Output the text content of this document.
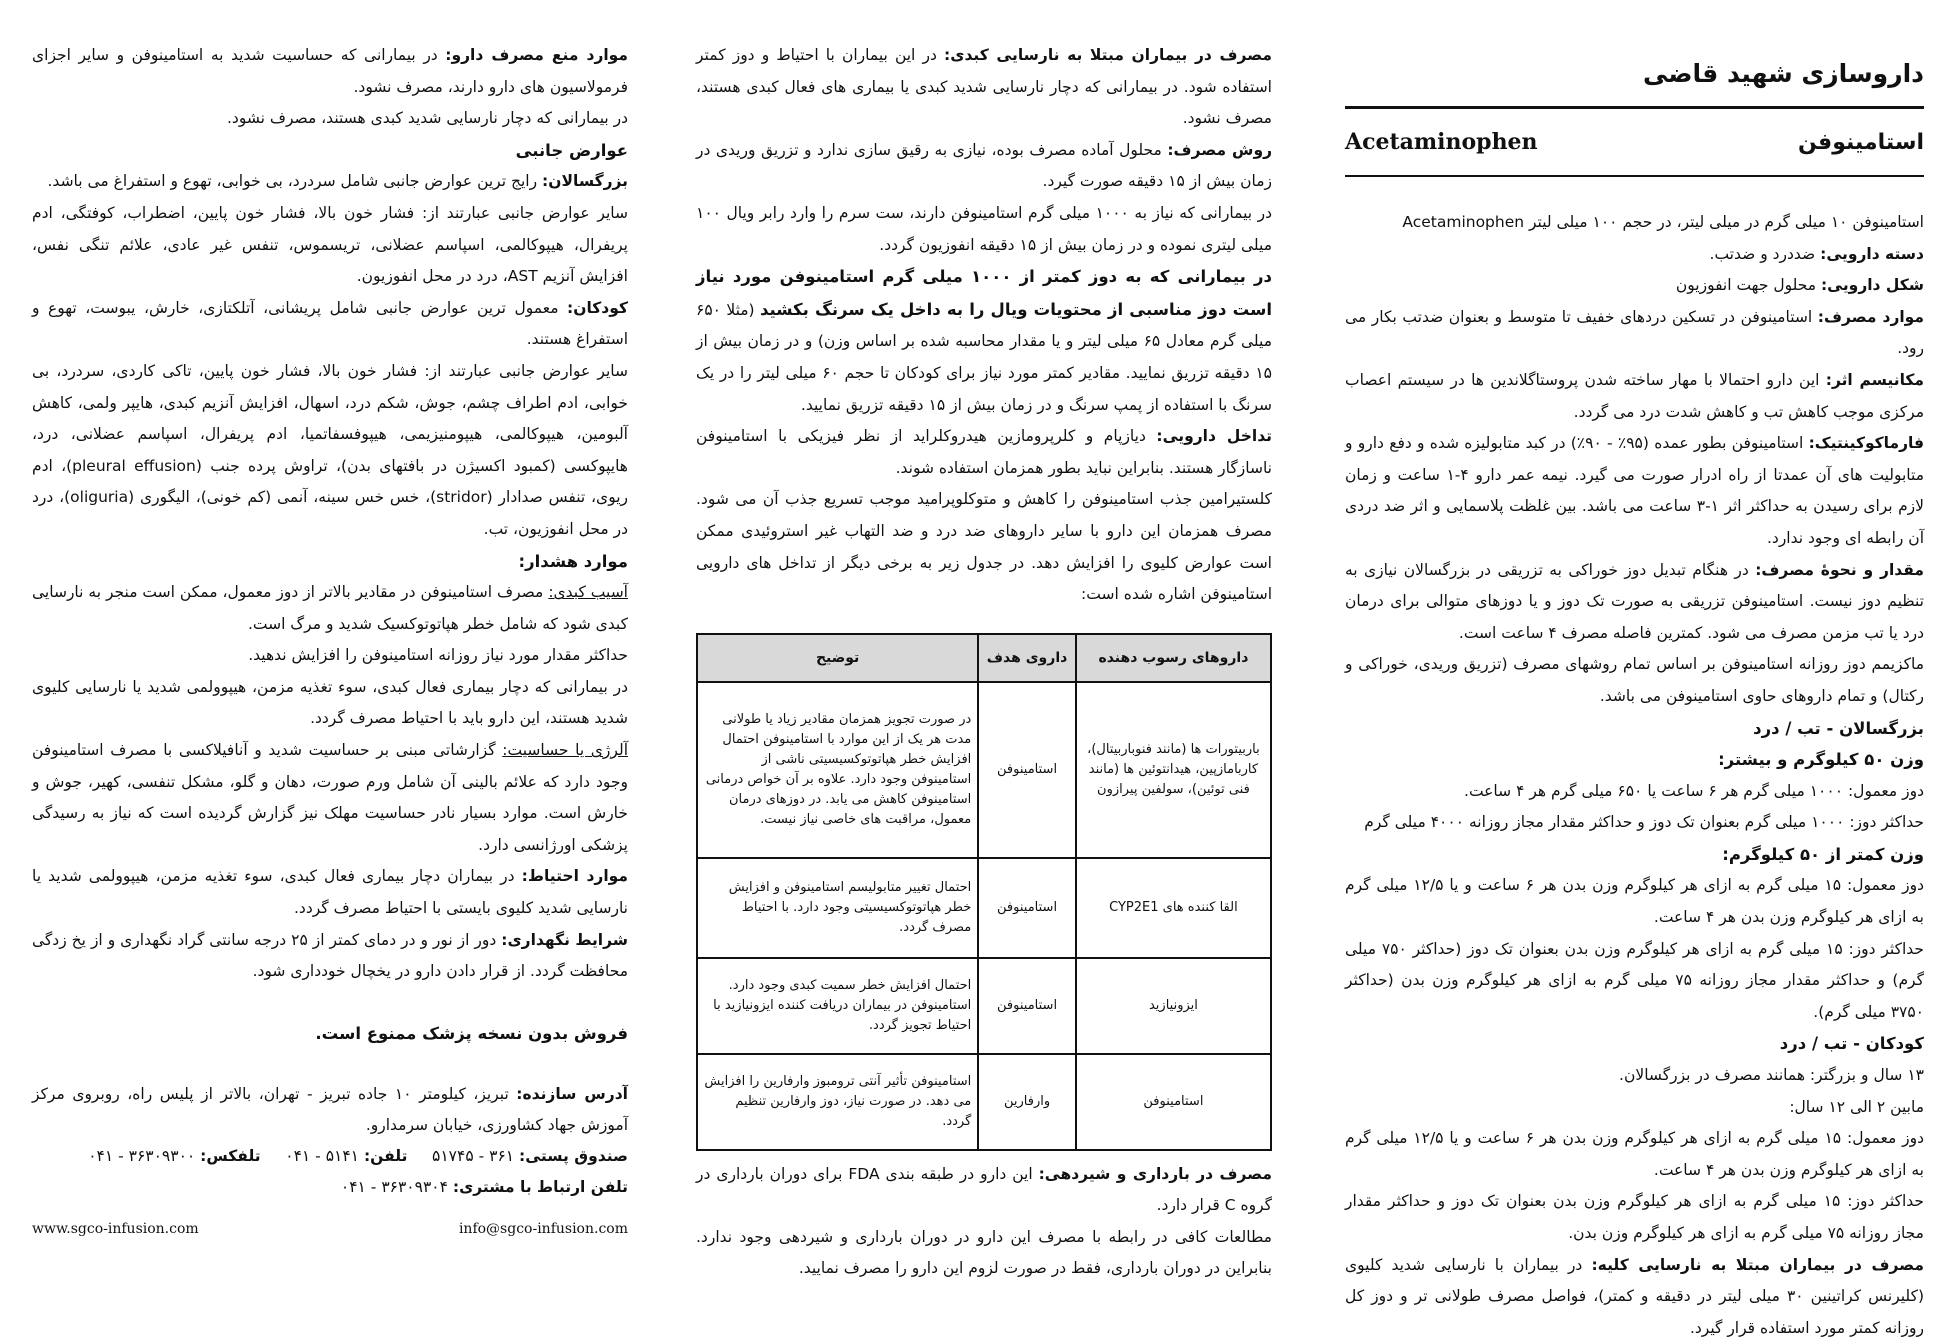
داروسازی شهید قاضی
استامینوفن
Acetaminophen

استامینوفن ۱۰ میلی گرم در میلی لیتر، در حجم ۱۰۰ میلی لیتر Acetaminophen

دسته دارویی: ضددرد و ضدتب.

شکل دارویی: محلول جهت انفوزیون

موارد مصرف: استامینوفن در تسکین دردهای خفیف تا متوسط و بعنوان ضدتب بکار می رود.

مکانیسم اثر: این دارو احتمالا با مهار ساخته شدن پروستاگلاندین ها در سیستم اعصاب مرکزی موجب کاهش تب و کاهش شدت درد می گردد.

فارماکوکینتیک: استامینوفن بطور عمده (۹۵٪ - ۹۰٪) در کبد متابولیزه شده و دفع دارو و متابولیت های آن عمدتا از راه ادرار صورت می گیرد. نیمه عمر دارو ۴-۱ ساعت و زمان لازم برای رسیدن به حداکثر اثر ۱-۳ ساعت می باشد. بین غلظت پلاسمایی و اثر ضد دردی آن رابطه ای وجود ندارد.

مقدار و نحوهٔ مصرف: در هنگام تبدیل دوز خوراکی به تزریقی در بزرگسالان نیازی به تنظیم دوز نیست. استامینوفن تزریقی به صورت تک دوز و یا دوزهای متوالی برای درمان درد یا تب مزمن مصرف می شود. کمترین فاصله مصرف ۴ ساعت است.

ماکزیمم دوز روزانه استامینوفن بر اساس تمام روشهای مصرف (تزریق وریدی، خوراکی و رکتال) و تمام داروهای حاوی استامینوفن می باشد.

بزرگسالان - تب / درد

وزن ۵۰ کیلوگرم و بیشتر:

دوز معمول: ۱۰۰۰ میلی گرم هر ۶ ساعت یا ۶۵۰ میلی گرم هر ۴ ساعت.

حداکثر دوز: ۱۰۰۰ میلی گرم بعنوان تک دوز و حداکثر مقدار مجاز روزانه ۴۰۰۰ میلی گرم

وزن کمتر از ۵۰ کیلوگرم:

دوز معمول: ۱۵ میلی گرم به ازای هر کیلوگرم وزن بدن هر ۶ ساعت و یا ۱۲/۵ میلی گرم به ازای هر کیلوگرم وزن بدن هر ۴ ساعت.

حداکثر دوز: ۱۵ میلی گرم به ازای هر کیلوگرم وزن بدن بعنوان تک دوز (حداکثر ۷۵۰ میلی گرم) و حداکثر مقدار مجاز روزانه ۷۵ میلی گرم به ازای هر کیلوگرم وزن بدن (حداکثر ۳۷۵۰ میلی گرم).

کودکان - تب / درد

۱۳ سال و بزرگتر: همانند مصرف در بزرگسالان.

مابین ۲ الی ۱۲ سال:

دوز معمول: ۱۵ میلی گرم به ازای هر کیلوگرم وزن بدن هر ۶ ساعت و یا ۱۲/۵ میلی گرم به ازای هر کیلوگرم وزن بدن هر ۴ ساعت.

حداکثر دوز: ۱۵ میلی گرم به ازای هر کیلوگرم وزن بدن بعنوان تک دوز و حداکثر مقدار مجاز روزانه ۷۵ میلی گرم به ازای هر کیلوگرم وزن بدن.

مصرف در بیماران مبتلا به نارسایی کلیه: در بیماران با نارسایی شدید کلیوی (کلیرنس کراتینین ۳۰ میلی لیتر در دقیقه و کمتر)، فواصل مصرف طولانی تر و دوز کل روزانه کمتر مورد استفاده قرار گیرد.

مصرف در بیماران مبتلا به نارسایی کبدی: در این بیماران با احتیاط و دوز کمتر استفاده شود. در بیمارانی که دچار نارسایی شدید کبدی یا بیماری های فعال کبدی هستند، مصرف نشود.

روش مصرف: محلول آماده مصرف بوده، نیازی به رقیق سازی ندارد و تزریق وریدی در زمان بیش از ۱۵ دقیقه صورت گیرد.

در بیمارانی که نیاز به ۱۰۰۰ میلی گرم استامینوفن دارند، ست سرم را وارد رابر ویال ۱۰۰ میلی لیتری نموده و در زمان بیش از ۱۵ دقیقه انفوزیون گردد.

در بیمارانی که به دوز کمتر از ۱۰۰۰ میلی گرم استامینوفن مورد نیاز است دوز مناسبی از محتویات ویال را به داخل یک سرنگ بکشید (مثلا ۶۵۰ میلی گرم معادل ۶۵ میلی لیتر و یا مقدار محاسبه شده بر اساس وزن) و در زمان بیش از ۱۵ دقیقه تزریق نمایید. مقادیر کمتر مورد نیاز برای کودکان تا حجم ۶۰ میلی لیتر را در یک سرنگ با استفاده از پمپ سرنگ و در زمان بیش از ۱۵ دقیقه تزریق نمایید.

تداخل دارویی: دیازپام و کلرپرومازین هیدروکلراید از نظر فیزیکی با استامینوفن ناسازگار هستند. بنابراین نباید بطور همزمان استفاده شوند.

کلستیرامین جذب استامینوفن را کاهش و متوکلوپرامید موجب تسریع جذب آن می شود. مصرف همزمان این دارو با سایر داروهای ضد درد و ضد التهاب غیر استروئیدی ممکن است عوارض کلیوی را افزایش دهد. در جدول زیر به برخی دیگر از تداخل های دارویی استامینوفن اشاره شده است:

داروهای رسوب دهنده	داروی هدف	توضیح
باربیتورات ها (مانند فنوباربیتال)، کاربامازپین، هیدانتوئین ها (مانند فنی توئین)، سولفین پیرازون	استامینوفن	در صورت تجویز همزمان مقادیر زیاد یا طولانی مدت هر یک از این موارد با استامینوفن احتمال افزایش خطر هپاتوتوکسیسیتی ناشی از استامینوفن وجود دارد. علاوه بر آن خواص درمانی استامینوفن کاهش می یابد. در دوزهای درمان معمول، مراقبت های خاصی نیاز نیست.
القا کننده های CYP2E1	استامینوفن	احتمال تغییر متابولیسم استامینوفن و افزایش خطر هپاتوتوکسیسیتی وجود دارد. با احتیاط مصرف گردد.
ایزونیازید	استامینوفن	احتمال افزایش خطر سمیت کبدی وجود دارد. استامینوفن در بیماران دریافت کننده ایزونیازید با احتیاط تجویز گردد.
استامینوفن	وارفارین	استامینوفن تأثیر آنتی ترومبوز وارفارین را افزایش می دهد. در صورت نیاز، دوز وارفارین تنظیم گردد.

مصرف در بارداری و شیردهی: این دارو در طبقه بندی FDA برای دوران بارداری در گروه C قرار دارد.

مطالعات کافی در رابطه با مصرف این دارو در دوران بارداری و شیردهی وجود ندارد. بنابراین در دوران بارداری، فقط در صورت لزوم این دارو را مصرف نمایید.

موارد منع مصرف دارو: در بیمارانی که حساسیت شدید به استامینوفن و سایر اجزای فرمولاسیون های دارو دارند، مصرف نشود.

در بیمارانی که دچار نارسایی شدید کبدی هستند، مصرف نشود.

عوارض جانبی

بزرگسالان: رایج ترین عوارض جانبی شامل سردرد، بی خوابی، تهوع و استفراغ می باشد.

سایر عوارض جانبی عبارتند از: فشار خون بالا، فشار خون پایین، اضطراب، کوفتگی، ادم پریفرال، هیپوکالمی، اسپاسم عضلانی، تریسموس، تنفس غیر عادی، علائم تنگی نفس، افزایش آنزیم AST، درد در محل انفوزیون.

کودکان: معمول ترین عوارض جانبی شامل پریشانی، آتلکتازی، خارش، یبوست، تهوع و استفراغ هستند.

سایر عوارض جانبی عبارتند از: فشار خون بالا، فشار خون پایین، تاکی کاردی، سردرد، بی خوابی، ادم اطراف چشم، جوش، شکم درد، اسهال، افزایش آنزیم کبدی، هایپر ولمی، کاهش آلبومین، هیپوکالمی، هیپومنیزیمی، هیپوفسفاتمیا، ادم پریفرال، اسپاسم عضلانی، درد، هایپوکسی (کمبود اکسیژن در بافتهای بدن)، تراوش پرده جنب (pleural effusion)، ادم ریوی، تنفس صدادار (stridor)، خس خس سینه، آنمی (کم خونی)، الیگوری (oliguria)، درد در محل انفوزیون، تب.

موارد هشدار:

آسیب کبدی: مصرف استامینوفن در مقادیر بالاتر از دوز معمول، ممکن است منجر به نارسایی کبدی شود که شامل خطر هپاتوتوکسیک شدید و مرگ است.

حداکثر مقدار مورد نیاز روزانه استامینوفن را افزایش ندهید.

در بیمارانی که دچار بیماری فعال کبدی، سوء تغذیه مزمن، هیپوولمی شدید یا نارسایی کلیوی شدید هستند، این دارو باید با احتیاط مصرف گردد.

آلرژی یا حساسیت: گزارشاتی مبنی بر حساسیت شدید و آنافیلاکسی با مصرف استامینوفن وجود دارد که علائم بالینی آن شامل ورم صورت، دهان و گلو، مشکل تنفسی، کهیر، جوش و خارش است. موارد بسیار نادر حساسیت مهلک نیز گزارش گردیده است که نیاز به رسیدگی پزشکی اورژانسی دارد.

موارد احتیاط: در بیماران دچار بیماری فعال کبدی، سوء تغذیه مزمن، هیپوولمی شدید یا نارسایی شدید کلیوی بایستی با احتیاط مصرف گردد.

شرایط نگهداری: دور از نور و در دمای کمتر از ۲۵ درجه سانتی گراد نگهداری و از یخ زدگی محافظت گردد. از قرار دادن دارو در یخچال خودداری شود.

فروش بدون نسخه پزشک ممنوع است.

آدرس سازنده: تبریز، کیلومتر ۱۰ جاده تبریز - تهران، بالاتر از پلیس راه، روبروی مرکز آموزش جهاد کشاورزی، خیابان سرمدارو.

صندوق پستی: ۳۶۱ - ۵۱۷۴۵     تلفن: ۵۱۴۱ - ۰۴۱     تلفکس: ۳۶۳۰۹۳۰۰ - ۰۴۱

تلفن ارتباط با مشتری: ۳۶۳۰۹۳۰۴ - ۰۴۱

www.sgco-infusion.com	info@sgco-infusion.com
